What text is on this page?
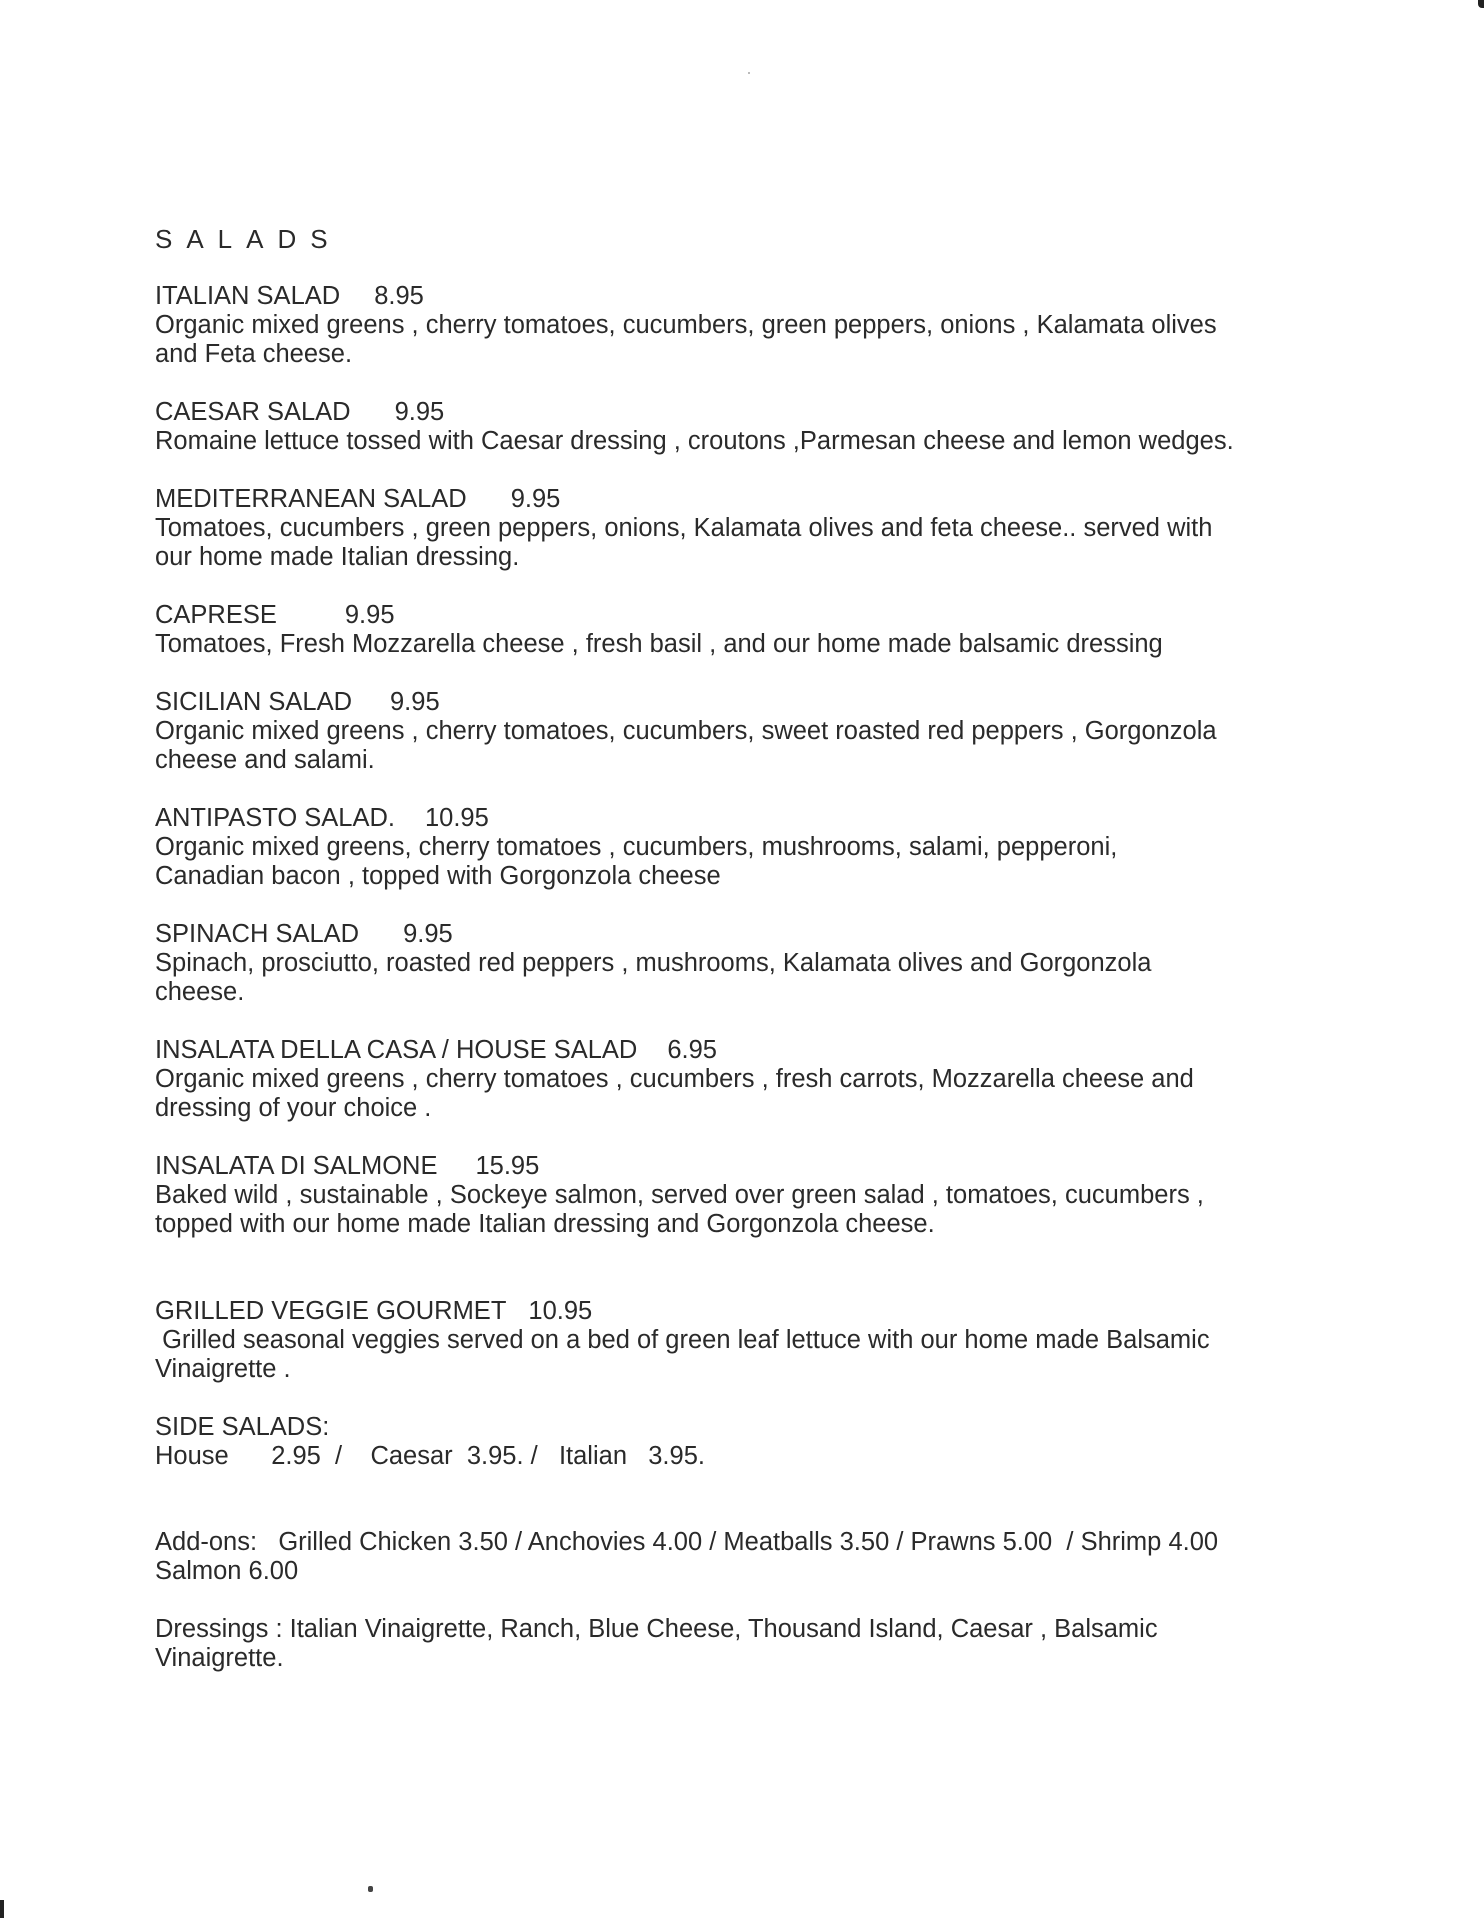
SALADS
ITALIAN SALAD 8.95
Organic mixed greens , cherry tomatoes, cucumbers, green peppers, onions , Kalamata olives
and Feta cheese.
CAESAR SALAD 9.95
Romaine lettuce tossed with Caesar dressing , croutons ,Parmesan cheese and lemon wedges.
MEDITERRANEAN SALAD 9.95
Tomatoes, cucumbers , green peppers, onions, Kalamata olives and feta cheese.. served with
our home made Italian dressing.
CAPRESE	9.95
Tomatoes, Fresh Mozzarella cheese , fresh basil , and our home made balsamic dressing
SICILIAN SALAD 9.95
Organic mixed greens , cherry tomatoes, cucumbers, sweet roasted red peppers , Gorgonzola
cheese and salami.
ANTIPASTO SALAD. 10.95
Organic mixed greens, cherry tomatoes , cucumbers, mushrooms, salami, pepperoni,
Canadian bacon , topped with Gorgonzola cheese
SPINACH SALAD 9.95
Spinach, prosciutto, roasted red peppers , mushrooms, Kalamata olives and Gorgonzola
cheese.
INSALATA DELLA CASA / HOUSE SALAD 6.95
Organic mixed greens , cherry tomatoes , cucumbers , fresh carrots, Mozzarella cheese and
dressing of your choice .
INSALATA DI SALMONE 15.95
Baked wild , sustainable , Sockeye salmon, served over green salad , tomatoes, cucumbers ,
topped with our home made Italian dressing and Gorgonzola cheese.
GRILLED VEGGIE GOURMET 10.95
Grilled seasonal veggies served on a bed of green leaf lettuce with our home made Balsamic
Vinaigrette .
SIDE SALADS:
House      2.95  /    Caesar  3.95. /   Italian   3.95.
Add-ons:   Grilled Chicken 3.50 / Anchovies 4.00 / Meatballs 3.50 / Prawns 5.00  / Shrimp 4.00
Salmon 6.00
Dressings : Italian Vinaigrette, Ranch, Blue Cheese, Thousand Island, Caesar , Balsamic
Vinaigrette.
